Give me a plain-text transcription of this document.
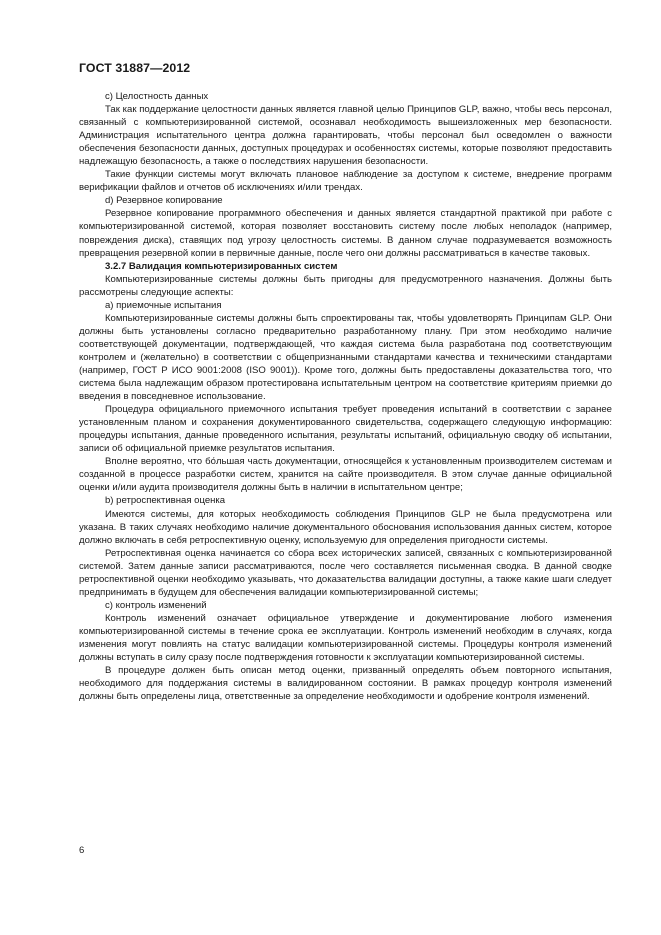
ГОСТ 31887—2012

c) Целостность данных

Так как поддержание целостности данных является главной целью Принципов GLP, важно, чтобы весь персонал, связанный с компьютеризированной системой, осознавал необходимость вышеизложенных мер безопасности. Администрация испытательного центра должна гарантировать, чтобы персонал был осведомлен о важности обеспечения безопасности данных, доступных процедурах и особенностях системы, которые позволяют предоставить надлежащую безопасность, а также о последствиях нарушения безопасности.

Такие функции системы могут включать плановое наблюдение за доступом к системе, внедрение программ верификации файлов и отчетов об исключениях и/или трендах.

d) Резервное копирование

Резервное копирование программного обеспечения и данных является стандартной практикой при работе с компьютеризированной системой, которая позволяет восстановить систему после любых неполадок (например, повреждения диска), ставящих под угрозу целостность системы. В данном случае подразумевается возможность превращения резервной копии в первичные данные, после чего они должны рассматриваться в качестве таковых.

3.2.7 Валидация компьютеризированных систем

Компьютеризированные системы должны быть пригодны для предусмотренного назначения. Должны быть рассмотрены следующие аспекты:

a) приемочные испытания

Компьютеризированные системы должны быть спроектированы так, чтобы удовлетворять Принципам GLP. Они должны быть установлены согласно предварительно разработанному плану. При этом необходимо наличие соответствующей документации, подтверждающей, что каждая система была разработана под соответствующим контролем и (желательно) в соответствии с общепризнанными стандартами качества и техническими стандартами (например, ГОСТ Р ИСО 9001:2008 (ISO 9001)). Кроме того, должны быть предоставлены доказательства того, что система была надлежащим образом протестирована испытательным центром на соответствие критериям приемки до введения в повседневное использование.

Процедура официального приемочного испытания требует проведения испытаний в соответствии с заранее установленным планом и сохранения документированного свидетельства, содержащего следующую информацию: процедуры испытания, данные проведенного испытания, результаты испытаний, официальную сводку об испытании, записи об официальной приемке результатов испытания.

Вполне вероятно, что бо́льшая часть документации, относящейся к установленным производителем системам и созданной в процессе разработки систем, хранится на сайте производителя. В этом случае данные официальной оценки и/или аудита производителя должны быть в наличии в испытательном центре;

b) ретроспективная оценка

Имеются системы, для которых необходимость соблюдения Принципов GLP не была предусмотрена или указана. В таких случаях необходимо наличие документального обоснования использования данных систем, которое должно включать в себя ретроспективную оценку, используемую для определения пригодности системы.

Ретроспективная оценка начинается со сбора всех исторических записей, связанных с компьютеризированной системой. Затем данные записи рассматриваются, после чего составляется письменная сводка. В данной сводке ретроспективной оценки необходимо указывать, что доказательства валидации доступны, а также какие шаги следует предпринимать в будущем для обеспечения валидации компьютеризированной системы;

c) контроль изменений

Контроль изменений означает официальное утверждение и документирование любого изменения компьютеризированной системы в течение срока ее эксплуатации. Контроль изменений необходим в случаях, когда изменения могут повлиять на статус валидации компьютеризированной системы. Процедуры контроля изменений должны вступать в силу сразу после подтверждения готовности к эксплуатации компьютеризированной системы.

В процедуре должен быть описан метод оценки, призванный определять объем повторного испытания, необходимого для поддержания системы в валидированном состоянии. В рамках процедур контроля изменений должны быть определены лица, ответственные за определение необходимости и одобрение контроля изменений.

6
